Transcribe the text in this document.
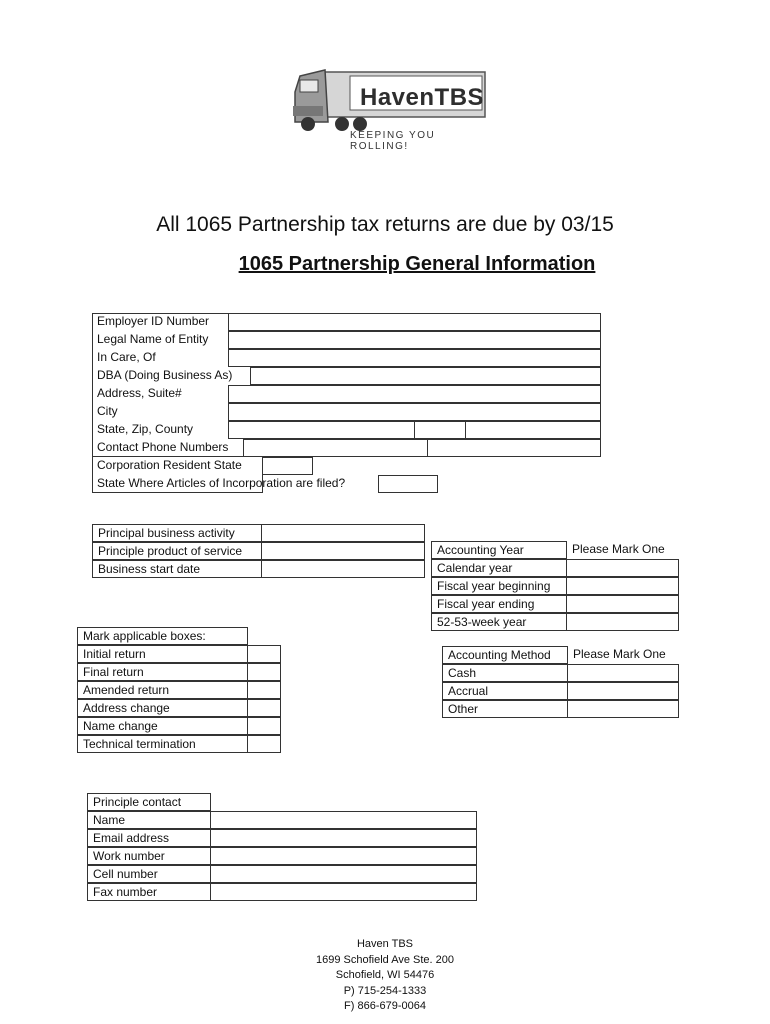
HavenTBS
KEEPING YOU ROLLING!
All 1065 Partnership tax returns are due by 03/15
1065 Partnership General Information
Employer ID Number
Legal Name of Entity
In Care, Of
DBA (Doing Business As)
Address, Suite#
City
State, Zip, County
Contact Phone Numbers
Corporation Resident State
State Where Articles of Incorporation are filed?
Principal business activity
Principle product of service
Business start date
Accounting Year	Please Mark One
Calendar year
Fiscal year beginning
Fiscal year ending
52-53-week year
Mark applicable boxes:
Initial return
Final return
Amended return
Address change
Name change
Technical termination
Accounting Method	Please Mark One
Cash
Accrual
Other
Principle contact
Name
Email address
Work number
Cell number
Fax number
Haven TBS
1699 Schofield Ave Ste. 200
Schofield, WI 54476
P) 715-254-1333
F) 866-679-0064
